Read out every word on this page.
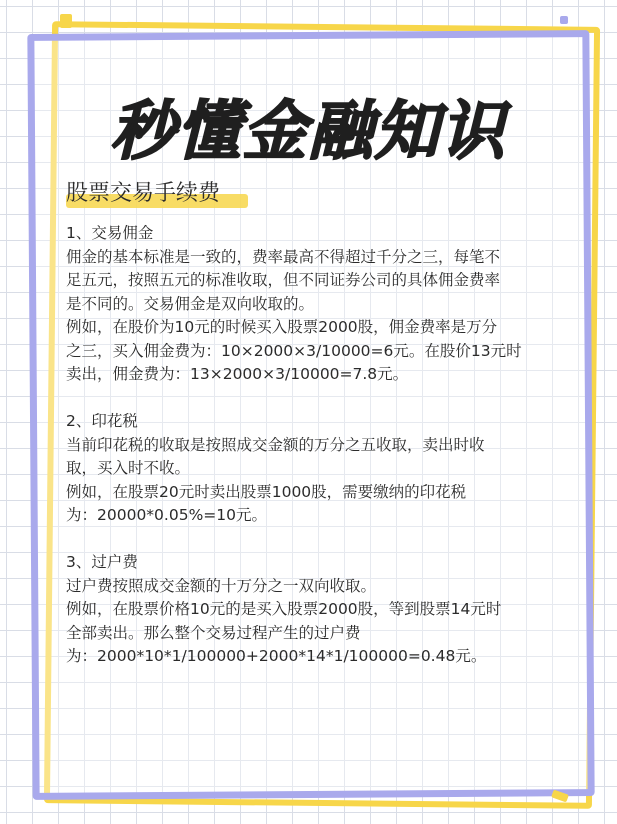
秒懂金融知识
股票交易手续费
1、交易佣金
佣金的基本标准是一致的，费率最高不得超过千分之三，每笔不
足五元，按照五元的标准收取，但不同证券公司的具体佣金费率
是不同的。交易佣金是双向收取的。
例如，在股价为10元的时候买入股票2000股，佣金费率是万分
之三，买入佣金费为：10×2000×3/10000=6元。在股价13元时
卖出，佣金费为：13×2000×3/10000=7.8元。
2、印花税
当前印花税的收取是按照成交金额的万分之五收取，卖出时收
取，买入时不收。
例如，在股票20元时卖出股票1000股，需要缴纳的印花税
为：20000*0.05%=10元。
3、过户费
过户费按照成交金额的十万分之一双向收取。
例如，在股票价格10元的是买入股票2000股，等到股票14元时
全部卖出。那么整个交易过程产生的过户费
为：2000*10*1/100000+2000*14*1/100000=0.48元。
